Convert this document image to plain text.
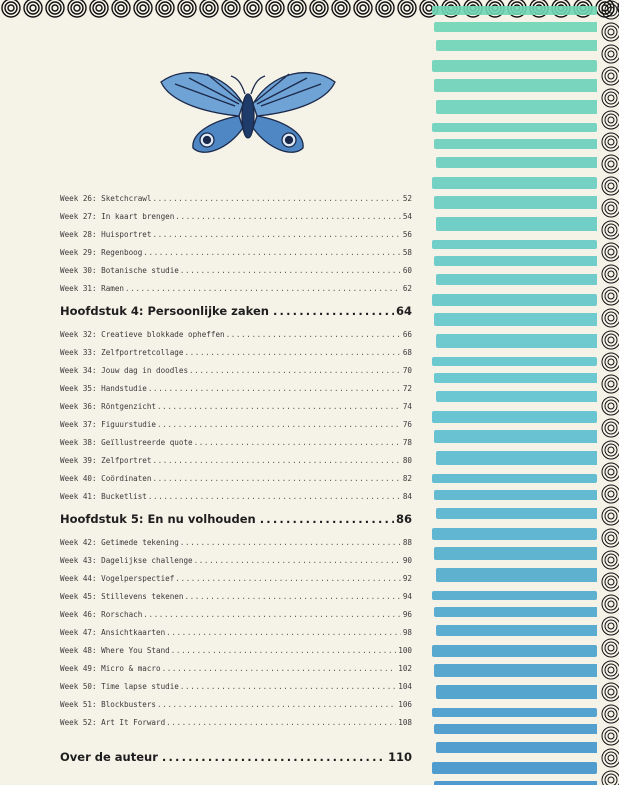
Week 26: Sketchcrawl .....	52
Week 27: In kaart brengen .....	54
Week 28: Huisportret .....	56
Week 29: Regenboog .....	58
Week 30: Botanische studie .....	60
Week 31: Ramen .....	62
Hoofdstuk 4: Persoonlijke zaken .....	64
Week 32: Creatieve blokkade opheffen .....	66
Week 33: Zelfportretcollage .....	68
Week 34: Jouw dag in doodles .....	70
Week 35: Handstudie .....	72
Week 36: Röntgenzicht .....	74
Week 37: Figuurstudie .....	76
Week 38: Geïllustreerde quote .....	78
Week 39: Zelfportret .....	80
Week 40: Coördinaten .....	82
Week 41: Bucketlist .....	84
Hoofdstuk 5: En nu volhouden .....	86
Week 42: Getimede tekening .....	88
Week 43: Dagelijkse challenge .....	90
Week 44: Vogelperspectief .....	92
Week 45: Stillevens tekenen .....	94
Week 46: Rorschach .....	96
Week 47: Ansichtkaarten .....	98
Week 48: Where You Stand .....	100
Week 49: Micro & macro .....	102
Week 50: Time lapse studie .....	104
Week 51: Blockbusters .....	106
Week 52: Art It Forward .....	108
Over de auteur .....	110
